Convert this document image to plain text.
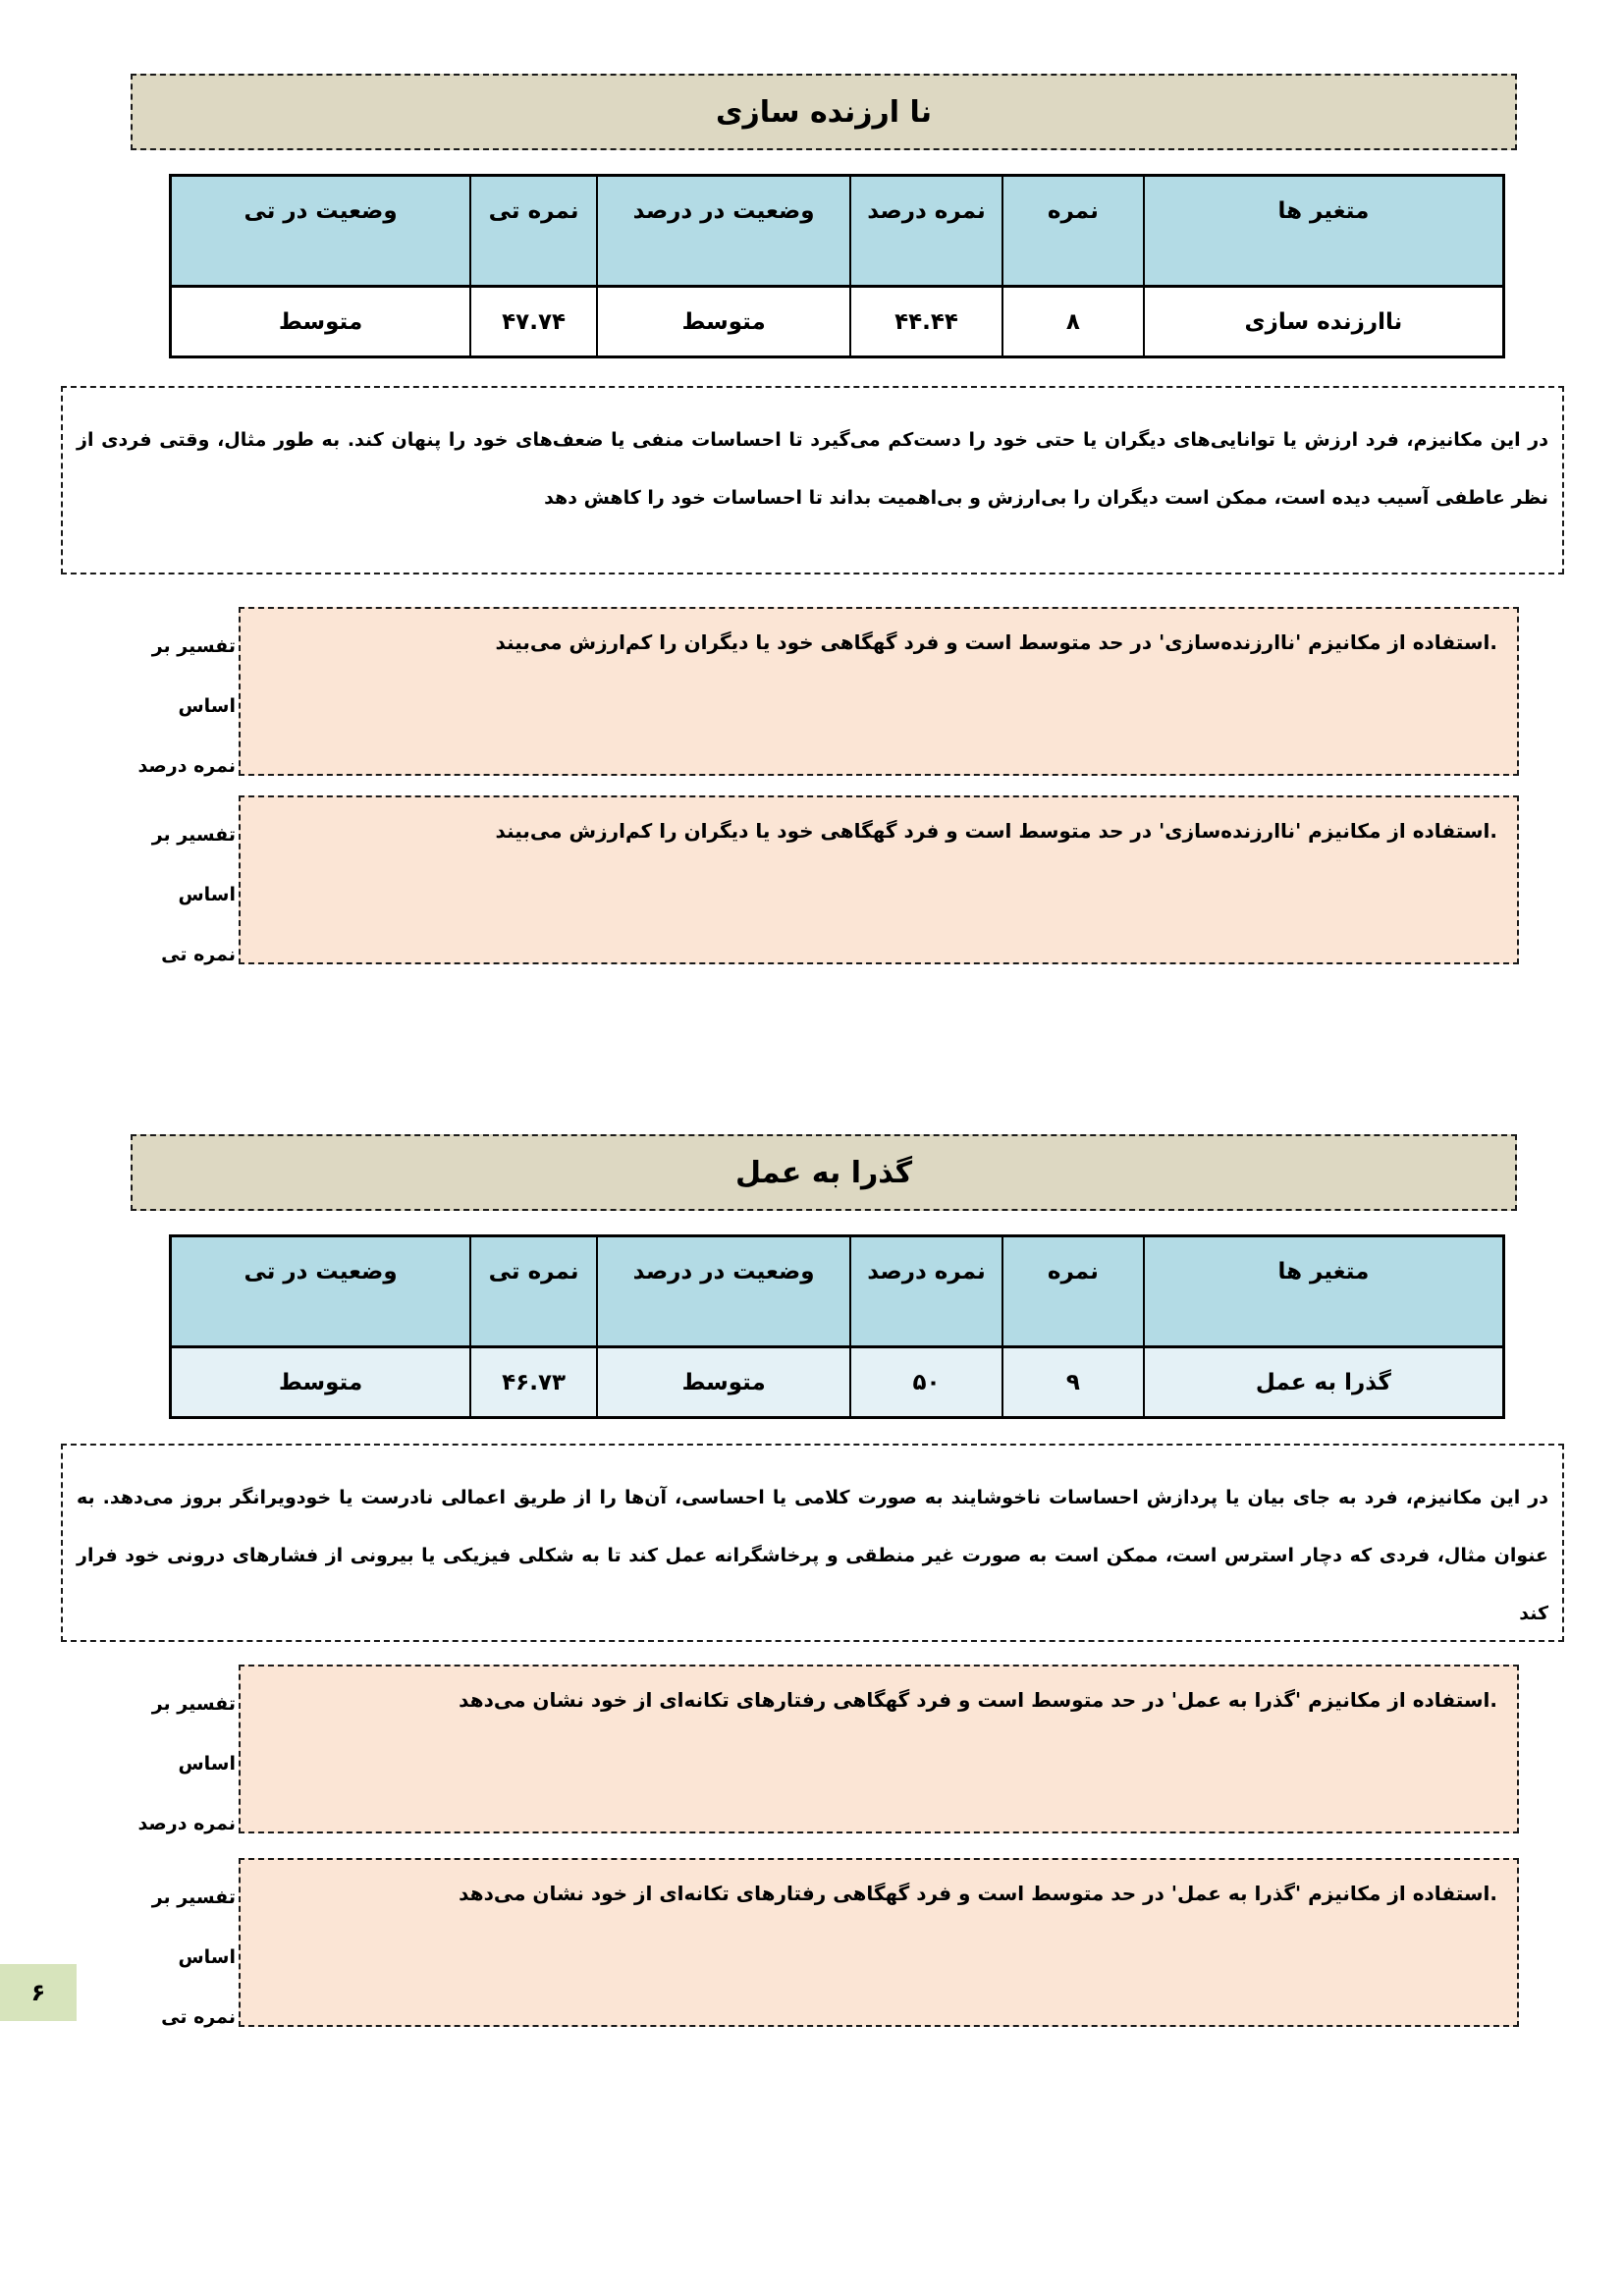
نا ارزنده سازی
متغیر ها	نمره	نمره درصد	وضعیت در درصد	نمره تی	وضعیت در تی
ناارزنده سازی	۸	۴۴.۴۴	متوسط	۴۷.۷۴	متوسط
در این مکانیزم، فرد ارزش یا توانایی‌های دیگران یا حتی خود را دست‌کم می‌گیرد تا احساسات منفی یا ضعف‌های خود را پنهان کند. به طور مثال، وقتی فردی از نظر عاطفی آسیب دیده است، ممکن است دیگران را بی‌ارزش و بی‌اهمیت بداند تا احساسات خود را کاهش دهد
تفسیر بر اساس نمره درصد
.استفاده از مکانیزم 'ناارزنده‌سازی' در حد متوسط است و فرد گهگاهی خود یا دیگران را کم‌ارزش می‌بیند
تفسیر بر اساس نمره تی
.استفاده از مکانیزم 'ناارزنده‌سازی' در حد متوسط است و فرد گهگاهی خود یا دیگران را کم‌ارزش می‌بیند
گذرا به عمل
متغیر ها	نمره	نمره درصد	وضعیت در درصد	نمره تی	وضعیت در تی
گذرا به عمل	۹	۵۰	متوسط	۴۶.۷۳	متوسط
در این مکانیزم، فرد به جای بیان یا پردازش احساسات ناخوشایند به صورت کلامی یا احساسی، آن‌ها را از طریق اعمالی نادرست یا خودویرانگر بروز می‌دهد. به عنوان مثال، فردی که دچار استرس است، ممکن است به صورت غیر منطقی و پرخاشگرانه عمل کند تا به شکلی فیزیکی یا بیرونی از فشارهای درونی خود فرار کند
تفسیر بر اساس نمره درصد
.استفاده از مکانیزم 'گذرا به عمل' در حد متوسط است و فرد گهگاهی رفتارهای تکانه‌ای از خود نشان می‌دهد
تفسیر بر اساس نمره تی
.استفاده از مکانیزم 'گذرا به عمل' در حد متوسط است و فرد گهگاهی رفتارهای تکانه‌ای از خود نشان می‌دهد
۶
